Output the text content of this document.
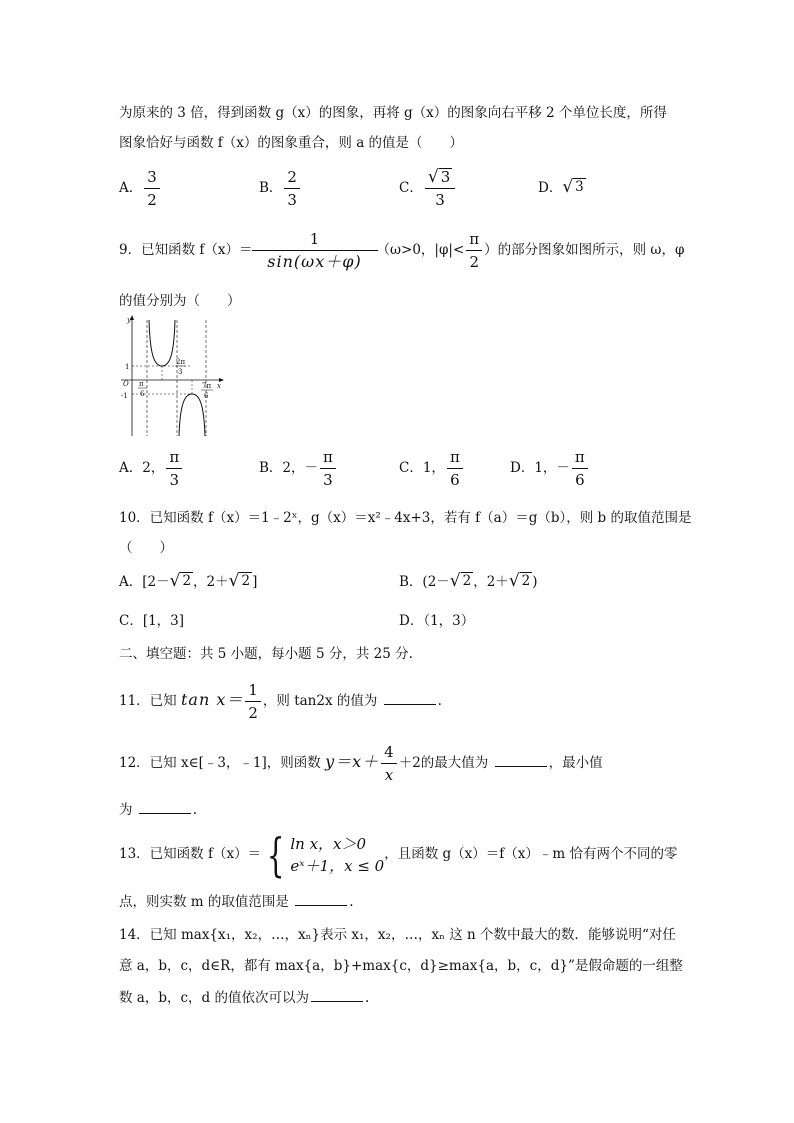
为原来的 3 倍，得到函数 g（x）的图象，再将 g（x）的图象向右平移 2 个单位长度，所得
图象恰好与函数 f（x）的图象重合，则 a 的值是（　　）
A． $\frac{3}{2}$	B． $\frac{2}{3}$	C． $\frac{√ 3}{3}$	D． √ 3
9．已知函数 $f(x)= \frac{1}{\sin(\omega x+\varphi)} (\omega>0$，$|\varphi|< \frac{\pi}{2}$ ）的部分图象如图所示，则 ω，φ
的值分别为（　　）
y
x
O
1
-1
π
6
2π
3
7π
6
A．2， $\frac{\pi}{3}$	B．2，－ $\frac{\pi}{3}$	C．1， $\frac{\pi}{6}$	D．1，－ $\frac{\pi}{6}$
10．已知函数 f（x）＝1﹣2ˣ，g（x）＝x²﹣4x+3，若有 f（a）＝g（b），则 b 的取值范围是
（　　）
A．[2－ √ 2 ，2＋ √ 2 ]	B．(2－ √ 2 ，2＋ √ 2 )
C．[1，3]	D．（1，3）
二、填空题：共 5 小题，每小题 5 分，共 25 分.
11．已知 $\tan x= \frac{1}{2}$ ，则 tan2x 的值为	.
12．已知 x∈[﹣3，﹣1]，则函数 $y=x+ \frac{4}{x} +2$的最大值为	，最小值
为	.
13．已知函数 f（x）＝ { ln x，x＞0
eˣ＋1，x ≤ 0
，且函数 g（x）＝f（x）﹣m 恰有两个不同的零
点，则实数 m 的取值范围是	.
14．已知 max{x₁，x₂，…，xₙ}表示 x₁，x₂，…，xₙ 这 n 个数中最大的数．能够说明“对任
意 a，b，c，d∈R，都有 max{a，b}+max{c，d}≥max{a，b，c，d}”是假命题的一组整
数 a，b，c，d 的值依次可以为	.
